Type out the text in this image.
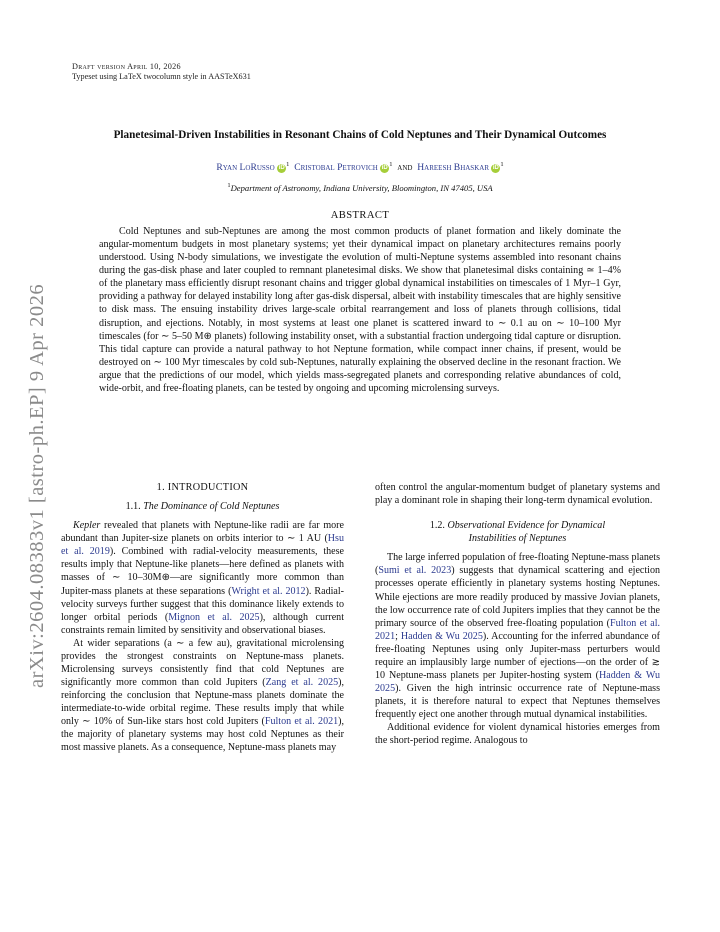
arXiv:2604.08383v1 [astro-ph.EP] 9 Apr 2026
Draft version April 10, 2026
Typeset using LaTeX twocolumn style in AASTeX631
Planetesimal-Driven Instabilities in Resonant Chains of Cold Neptunes and Their Dynamical Outcomes
Ryan LoRusso iD $^1$ Cristobal Petrovich iD $^1$ and Hareesh Bhaskar iD $^1$
$^1$Department of Astronomy, Indiana University, Bloomington, IN 47405, USA
ABSTRACT

Cold Neptunes and sub-Neptunes are among the most common products of planet formation and likely dominate the angular-momentum budgets in most planetary systems; yet their dynamical impact on planetary architectures remains poorly understood. Using N-body simulations, we investigate the evolution of multi-Neptune systems assembled into resonant chains during the gas-disk phase and later coupled to remnant planetesimal disks. We show that planetesimal disks containing ≃ 1–4% of the planetary mass efficiently disrupt resonant chains and trigger global dynamical instabilities on timescales of 1 Myr–1 Gyr, providing a pathway for delayed instability long after gas-disk dispersal, albeit with instability timescales that are highly sensitive to disk mass. The ensuing instability drives large-scale orbital rearrangement and loss of planets through collisions, tidal disruption, and ejections. Notably, in most systems at least one planet is scattered inward to ∼ 0.1 au on ∼ 10–100 Myr timescales (for ∼ 5–50 M⊕ planets) following instability onset, with a substantial fraction undergoing tidal capture or disruption. This tidal capture can provide a natural pathway to hot Neptune formation, while compact inner chains, if present, would be destroyed on ∼ 100 Myr timescales by cold sub-Neptunes, naturally explaining the observed decline in the resonant fraction. We argue that the predictions of our model, which yields mass-segregated planets and corresponding relative abundances of cold, wide-orbit, and free-floating planets, can be tested by ongoing and upcoming microlensing surveys.

1. INTRODUCTION
1.1. The Dominance of Cold Neptunes

Kepler revealed that planets with Neptune-like radii are far more abundant than Jupiter-size planets on orbits interior to ∼ 1 AU (Hsu et al. 2019). Combined with radial-velocity measurements, these results imply that Neptune-like planets—here defined as planets with masses of ∼ 10–30M⊕—are significantly more common than Jupiter-mass planets at these separations (Wright et al. 2012). Radial-velocity surveys further suggest that this dominance likely extends to longer orbital periods (Mignon et al. 2025), although current constraints remain limited by sensitivity and observational biases.

At wider separations (a ∼ a few au), gravitational microlensing provides the strongest constraints on Neptune-mass planets. Microlensing surveys consistently find that cold Neptunes are significantly more common than cold Jupiters (Zang et al. 2025), reinforcing the conclusion that Neptune-mass planets dominate the intermediate-to-wide orbital regime. These results imply that while only ∼ 10% of Sun-like stars host cold Jupiters (Fulton et al. 2021), the majority of planetary systems may host cold Neptunes as their most massive planets. As a consequence, Neptune-mass planets may

often control the angular-momentum budget of planetary systems and play a dominant role in shaping their long-term dynamical evolution.

1.2. Observational Evidence for Dynamical
Instabilities of Neptunes

The large inferred population of free-floating Neptune-mass planets (Sumi et al. 2023) suggests that dynamical scattering and ejection processes operate efficiently in planetary systems hosting Neptunes. While ejections are more readily produced by massive Jovian planets, the low occurrence rate of cold Jupiters implies that they cannot be the primary source of the observed free-floating population (Fulton et al. 2021; Hadden & Wu 2025). Accounting for the inferred abundance of free-floating Neptunes using only Jupiter-mass perturbers would require an implausibly large number of ejections—on the order of ≳ 10 Neptune-mass planets per Jupiter-hosting system (Hadden & Wu 2025). Given the high intrinsic occurrence rate of Neptune-mass planets, it is therefore natural to expect that Neptunes themselves frequently eject one another through mutual dynamical instabilities.

Additional evidence for violent dynamical histories emerges from the short-period regime. Analogous to
